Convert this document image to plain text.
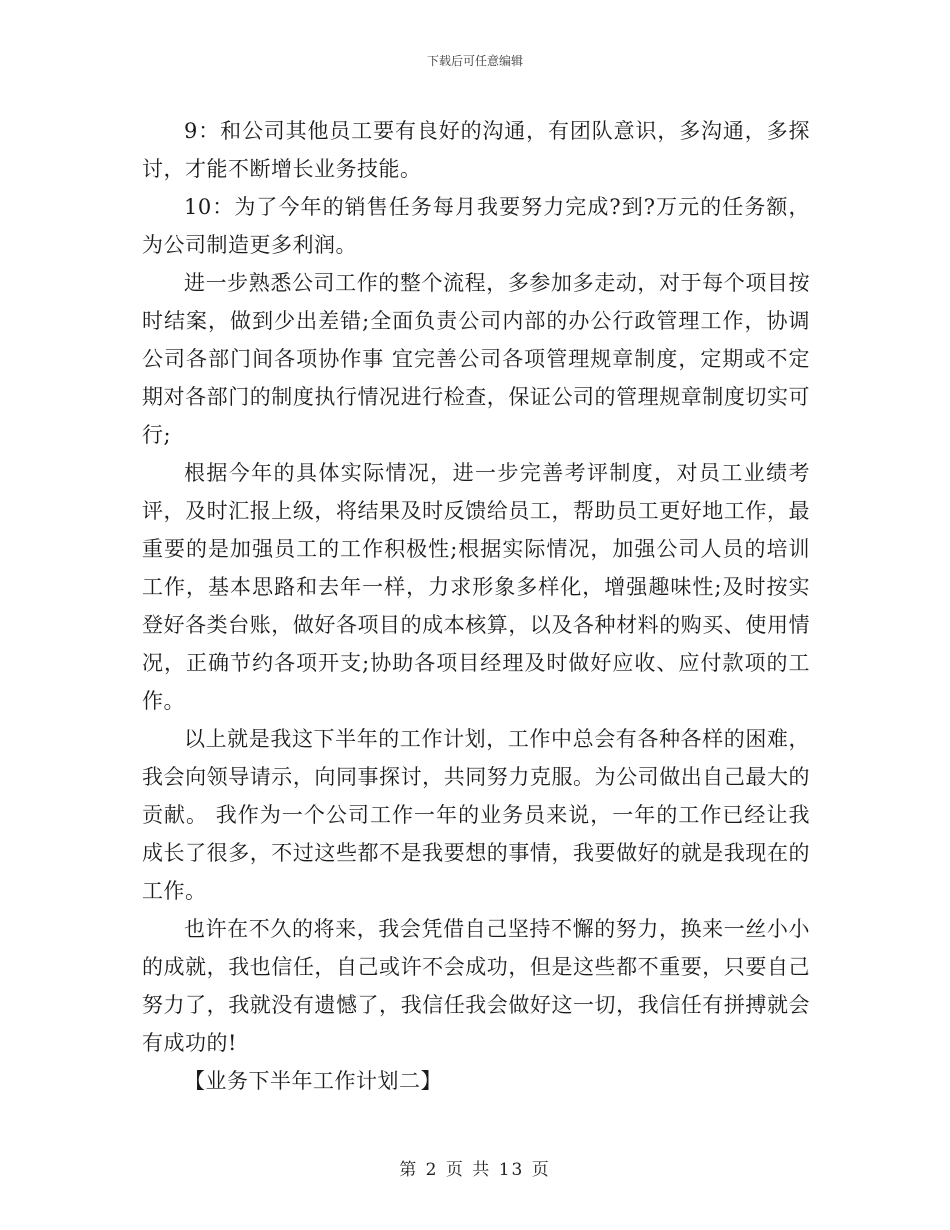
下载后可任意编辑

9：和公司其他员工要有良好的沟通，有团队意识，多沟通，多探讨，才能不断增长业务技能。

10：为了今年的销售任务每月我要努力完成?到?万元的任务额，为公司制造更多利润。

进一步熟悉公司工作的整个流程，多参加多走动，对于每个项目按时结案，做到少出差错;全面负责公司内部的办公行政管理工作，协调公司各部门间各项协作事 宜完善公司各项管理规章制度，定期或不定期对各部门的制度执行情况进行检查，保证公司的管理规章制度切实可行;

根据今年的具体实际情况，进一步完善考评制度，对员工业绩考评，及时汇报上级，将结果及时反馈给员工，帮助员工更好地工作，最重要的是加强员工的工作积极性;根据实际情况，加强公司人员的培训工作，基本思路和去年一样，力求形象多样化，增强趣味性;及时按实登好各类台账，做好各项目的成本核算，以及各种材料的购买、使用情况，正确节约各项开支;协助各项目经理及时做好应收、应付款项的工作。

以上就是我这下半年的工作计划，工作中总会有各种各样的困难，我会向领导请示，向同事探讨，共同努力克服。为公司做出自己最大的贡献。 我作为一个公司工作一年的业务员来说，一年的工作已经让我成长了很多，不过这些都不是我要想的事情，我要做好的就是我现在的工作。

也许在不久的将来，我会凭借自己坚持不懈的努力，换来一丝小小的成就，我也信任，自己或许不会成功，但是这些都不重要，只要自己努力了，我就没有遗憾了，我信任我会做好这一切，我信任有拼搏就会有成功的!

【业务下半年工作计划二】

第 2 页 共 13 页
